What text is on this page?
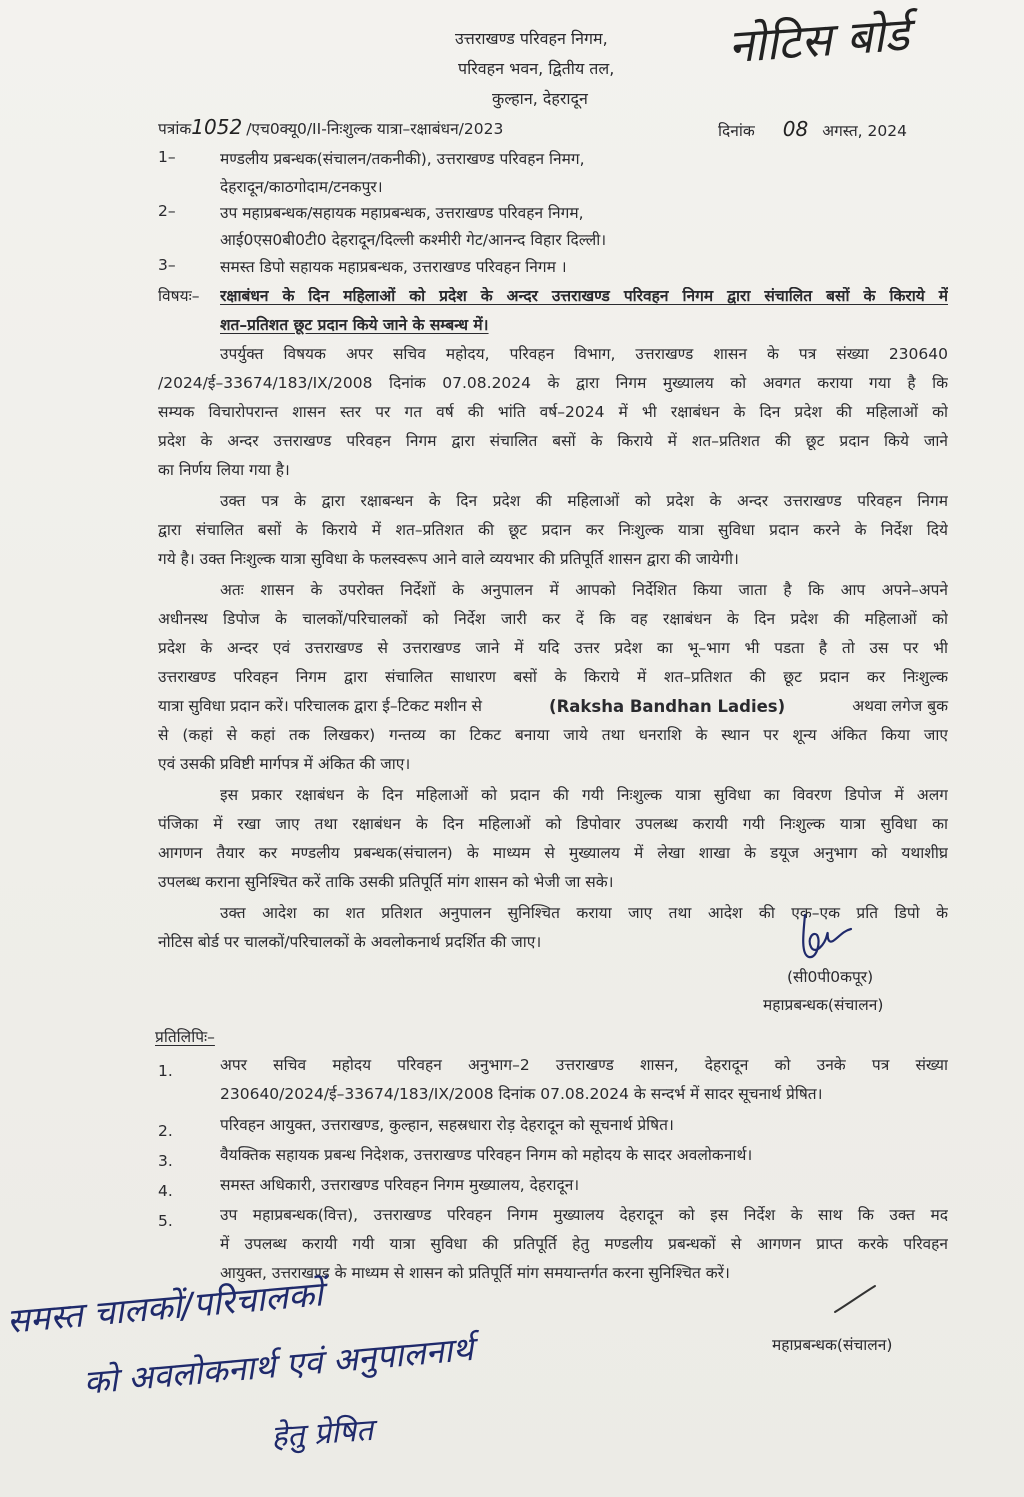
उत्तराखण्ड परिवहन निगम,
परिवहन भवन, द्वितीय तल,
कुल्हान, देहरादून
नोटिस बोर्ड
पत्रांक1052 /एच0क्यू0/II-निःशुल्क यात्रा–रक्षाबंधन/2023	दिनांक 08 अगस्त, 2024
1–	मण्डलीय प्रबन्धक(संचालन/तकनीकी), उत्तराखण्ड परिवहन निमग,
देहरादून/काठगोदाम/टनकपुर।
2–	उप महाप्रबन्धक/सहायक महाप्रबन्धक, उत्तराखण्ड परिवहन निगम,
आई0एस0बी0टी0 देहरादून/दिल्ली कश्मीरी गेट/आनन्द विहार दिल्ली।
3–	समस्त डिपो सहायक महाप्रबन्धक, उत्तराखण्ड परिवहन निगम ।
विषयः– रक्षाबंधन के दिन महिलाओं को प्रदेश के अन्दर उत्तराखण्ड परिवहन निगम द्वारा संचालित बसों के किराये में
शत–प्रतिशत छूट प्रदान किये जाने के सम्बन्ध में।
उपर्युक्त विषयक अपर सचिव महोदय, परिवहन विभाग, उत्तराखण्ड शासन के पत्र संख्या 230640
/2024/ई–33674/183/IX/2008 दिनांक 07.08.2024 के द्वारा निगम मुख्यालय को अवगत कराया गया है कि
सम्यक विचारोपरान्त शासन स्तर पर गत वर्ष की भांति वर्ष–2024 में भी रक्षाबंधन के दिन प्रदेश की महिलाओं को
प्रदेश के अन्दर उत्तराखण्ड परिवहन निगम द्वारा संचालित बसों के किराये में शत–प्रतिशत की छूट प्रदान किये जाने
का निर्णय लिया गया है।
उक्त पत्र के द्वारा रक्षाबन्धन के दिन प्रदेश की महिलाओं को प्रदेश के अन्दर उत्तराखण्ड परिवहन निगम
द्वारा संचालित बसों के किराये में शत–प्रतिशत की छूट प्रदान कर निःशुल्क यात्रा सुविधा प्रदान करने के निर्देश दिये
गये है। उक्त निःशुल्क यात्रा सुविधा के फलस्वरूप आने वाले व्ययभार की प्रतिपूर्ति शासन द्वारा की जायेगी।
अतः शासन के उपरोक्त निर्देशों के अनुपालन में आपको निर्देशित किया जाता है कि आप अपने–अपने
अधीनस्थ डिपोज के चालकों/परिचालकों को निर्देश जारी कर दें कि वह रक्षाबंधन के दिन प्रदेश की महिलाओं को
प्रदेश के अन्दर एवं उत्तराखण्ड से उत्तराखण्ड जाने में यदि उत्तर प्रदेश का भू–भाग भी पडता है तो उस पर भी
उत्तराखण्ड परिवहन निगम द्वारा संचालित साधारण बसों के किराये में शत–प्रतिशत की छूट प्रदान कर निःशुल्क
यात्रा सुविधा प्रदान करें। परिचालक द्वारा ई–टिकट मशीन से	(Raksha Bandhan Ladies)	अथवा लगेज बुक
से (कहां से कहां तक लिखकर) गन्तव्य का टिकट बनाया जाये तथा धनराशि के स्थान पर शून्य अंकित किया जाए
एवं उसकी प्रविष्टी मार्गपत्र में अंकित की जाए।
इस प्रकार रक्षाबंधन के दिन महिलाओं को प्रदान की गयी निःशुल्क यात्रा सुविधा का विवरण डिपोज में अलग
पंजिका में रखा जाए तथा रक्षाबंधन के दिन महिलाओं को डिपोवार उपलब्ध करायी गयी निःशुल्क यात्रा सुविधा का
आगणन तैयार कर मण्डलीय प्रबन्धक(संचालन) के माध्यम से मुख्यालय में लेखा शाखा के डयूज अनुभाग को यथाशीघ्र
उपलब्ध कराना सुनिश्चित करें ताकि उसकी प्रतिपूर्ति मांग शासन को भेजी जा सके।
उक्त आदेश का शत प्रतिशत अनुपालन सुनिश्चित कराया जाए तथा आदेश की एक–एक प्रति डिपो के
नोटिस बोर्ड पर चालकों/परिचालकों के अवलोकनार्थ प्रदर्शित की जाए।
(सी0पी0कपूर)
महाप्रबन्धक(संचालन)
प्रतिलिपिः–
1.	अपर सचिव महोदय परिवहन अनुभाग–2 उत्तराखण्ड शासन, देहरादून को उनके पत्र संख्या
230640/2024/ई–33674/183/IX/2008 दिनांक 07.08.2024 के सन्दर्भ में सादर सूचनार्थ प्रेषित।
2.	परिवहन आयुक्त, उत्तराखण्ड, कुल्हान, सहस्रधारा रोड़ देहरादून को सूचनार्थ प्रेषित।
3.	वैयक्तिक सहायक प्रबन्ध निदेशक, उत्तराखण्ड परिवहन निगम को महोदय के सादर अवलोकनार्थ।
4.	समस्त अधिकारी, उत्तराखण्ड परिवहन निगम मुख्यालय, देहरादून।
5.	उप महाप्रबन्धक(वित्त), उत्तराखण्ड परिवहन निगम मुख्यालय देहरादून को इस निर्देश के साथ कि उक्त मद
में उपलब्ध करायी गयी यात्रा सुविधा की प्रतिपूर्ति हेतु मण्डलीय प्रबन्धकों से आगणन प्राप्त करके परिवहन
आयुक्त, उत्तराखण्ड के माध्यम से शासन को प्रतिपूर्ति मांग समयान्तर्गत करना सुनिश्चित करें।
महाप्रबन्धक(संचालन)
समस्त चालकों/परिचालकों
को अवलोकनार्थ एवं अनुपालनार्थ
हेतु प्रेषित
